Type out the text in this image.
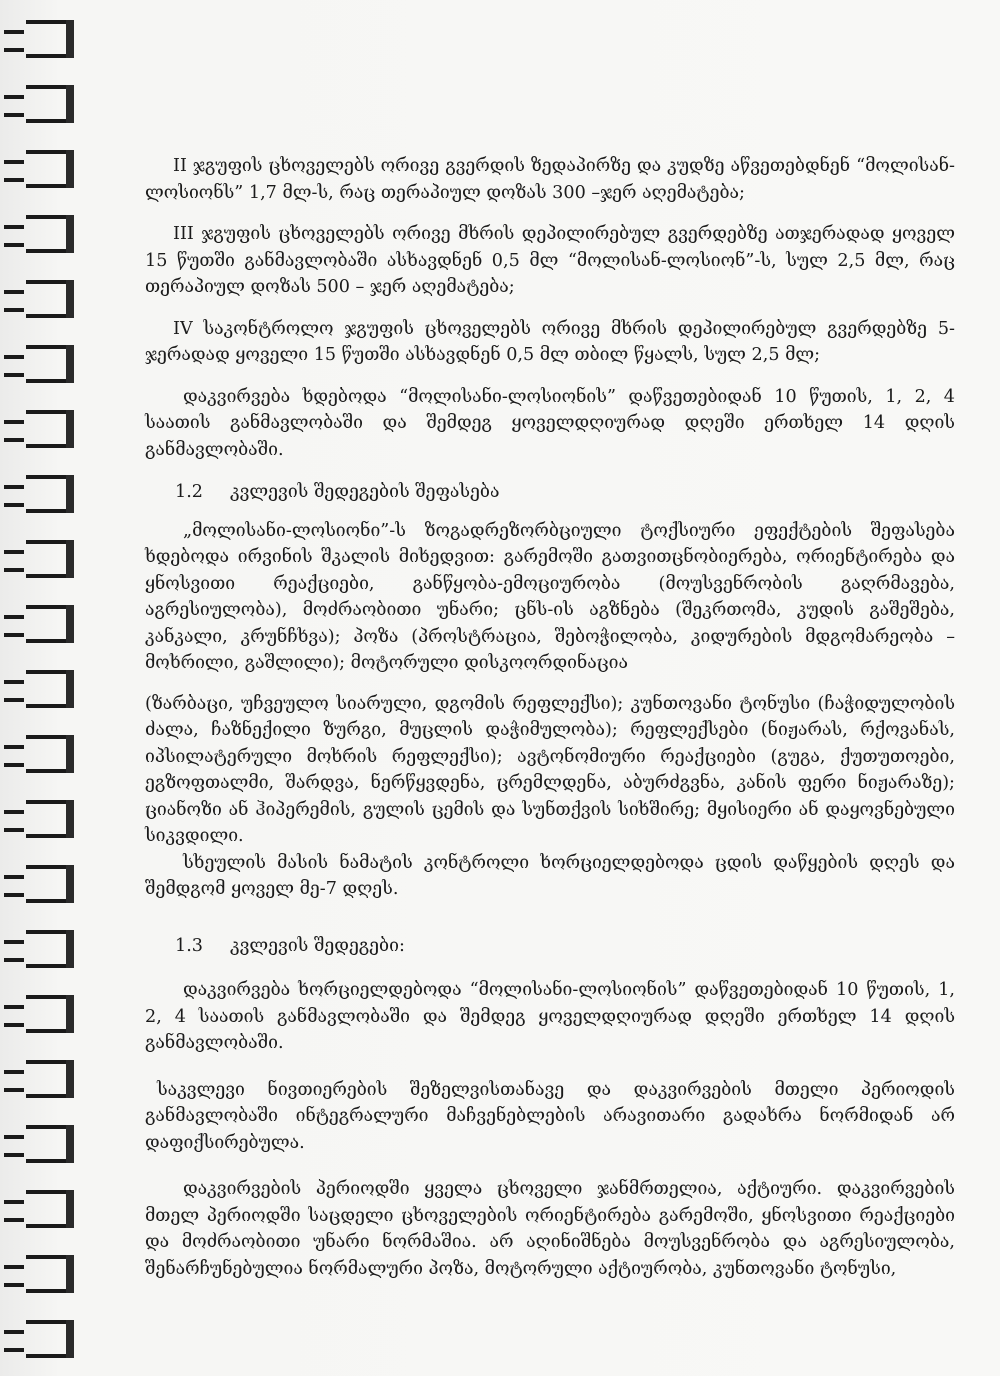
II ჯგუფის ცხოველებს ორივე გვერდის ზედაპირზე და კუდზე აწვეთებდნენ “მოლისან-ლოსიონს” 1,7 მლ-ს, რაც თერაპიულ დოზას 300 –ჯერ აღემატება;

III ჯგუფის ცხოველებს ორივე მხრის დეპილირებულ გვერდებზე ათჯერადად ყოველ 15 წუთში განმავლობაში ასხავდნენ 0,5 მლ “მოლისან-ლოსიონ”-ს, სულ 2,5 მლ, რაც თერაპიულ დოზას 500 – ჯერ აღემატება;

IV საკონტროლო ჯგუფის ცხოველებს ორივე მხრის დეპილირებულ გვერდებზე 5-ჯერადად ყოველი 15 წუთში ასხავდნენ 0,5 მლ თბილ წყალს, სულ 2,5 მლ;

დაკვირვება ხდებოდა “მოლისანი-ლოსიონის” დაწვეთებიდან 10 წუთის, 1, 2, 4 საათის განმავლობაში და შემდეგ ყოველდღიურად დღეში ერთხელ 14 დღის განმავლობაში.

1.2	კვლევის შედეგების შეფასება

„მოლისანი-ლოსიონი”-ს ზოგადრეზორბციული ტოქსიური ეფექტების შეფასება ხდებოდა ირვინის შკალის მიხედვით: გარემოში გათვითცნობიერება, ორიენტირება და ყნოსვითი რეაქციები, განწყობა-ემოციურობა (მოუსვენრობის გაღრმავება, აგრესიულობა), მოძრაობითი უნარი; ცნს-ის აგზნება (შეკრთომა, კუდის გაშეშება, კანკალი, კრუნჩხვა); პოზა (პროსტრაცია, შებოჭილობა, კიდურების მდგომარეობა – მოხრილი, გაშლილი); მოტორული დისკოორდინაცია

(ზარბაცი, უჩვეულო სიარული, დგომის რეფლექსი); კუნთოვანი ტონუსი (ჩაჭიდულობის ძალა, ჩაზნექილი ზურგი, მუცლის დაჭიმულობა); რეფლექსები (ნიჟარას, რქოვანას, იპსილატერული მოხრის რეფლექსი); ავტონომიური რეაქციები (გუგა, ქუთუთოები, ეგზოფთალმი, შარდვა, ნერწყვდენა, ცრემლდენა, აბურძგვნა, კანის ფერი ნიჟარაზე); ციანოზი ან ჰიპერემის, გულის ცემის და სუნთქვის სიხშირე; მყისიერი ან დაყოვნებული სიკვდილი.

სხეულის მასის ნამატის კონტროლი ხორციელდებოდა ცდის დაწყების დღეს და შემდგომ ყოველ მე-7 დღეს.

1.3	კვლევის შედეგები:

დაკვირვება ხორციელდებოდა “მოლისანი-ლოსიონის” დაწვეთებიდან 10 წუთის, 1, 2, 4 საათის განმავლობაში და შემდეგ ყოველდღიურად დღეში ერთხელ 14 დღის განმავლობაში.

საკვლევი ნივთიერების შეზელვისთანავე და დაკვირვების მთელი პერიოდის განმავლობაში ინტეგრალური მაჩვენებლების არავითარი გადახრა ნორმიდან არ დაფიქსირებულა.

დაკვირვების პერიოდში ყველა ცხოველი ჯანმრთელია, აქტიური. დაკვირვების მთელ პერიოდში საცდელი ცხოველების ორიენტირება გარემოში, ყნოსვითი რეაქციები და მოძრაობითი უნარი ნორმაშია. არ აღინიშნება მოუსვენრობა და აგრესიულობა, შენარჩუნებულია ნორმალური პოზა, მოტორული აქტიურობა, კუნთოვანი ტონუსი,
